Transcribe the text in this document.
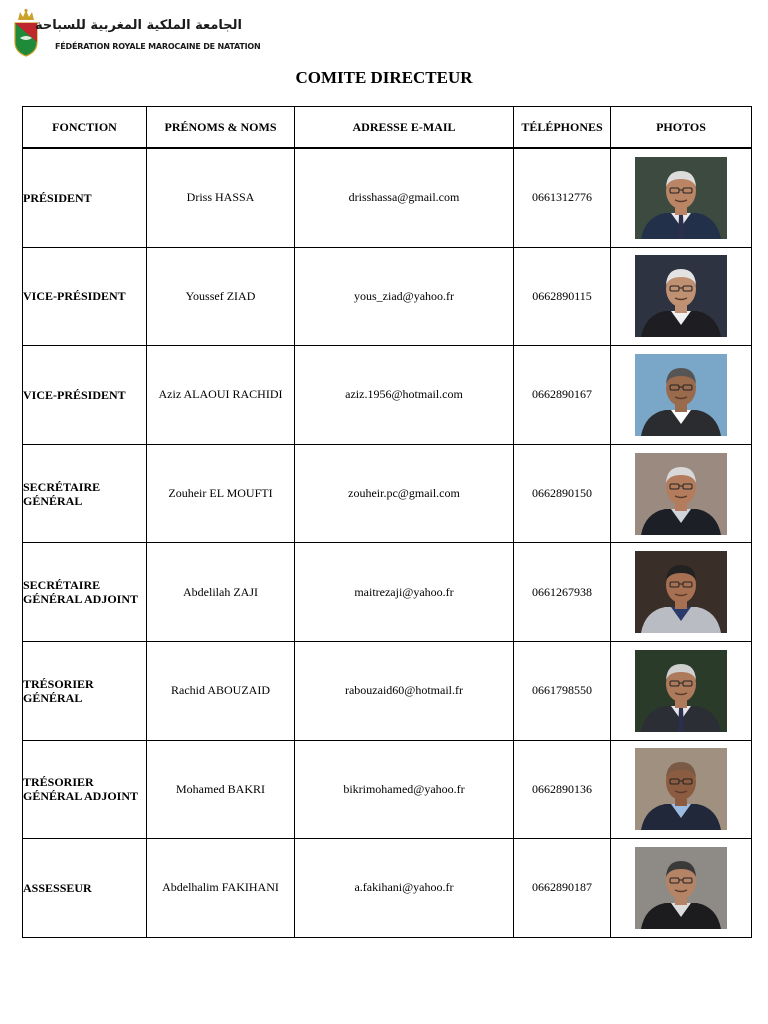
الجامعة الملكية المغربية للسباحة
FÉDÉRATION ROYALE MAROCAINE DE NATATION
COMITE DIRECTEUR
FONCTION	PRÉNOMS & NOMS	ADRESSE E-MAIL	TÉLÉPHONES	PHOTOS
PRÉSIDENT	Driss HASSA	drisshassa@gmail.com	0661312776	

VICE-PRÉSIDENT	Youssef ZIAD	yous_ziad@yahoo.fr	0662890115	

VICE-PRÉSIDENT	Aziz ALAOUI RACHIDI	aziz.1956@hotmail.com	0662890167	

SECRÉTAIRE GÉNÉRAL	Zouheir EL MOUFTI	zouheir.pc@gmail.com	0662890150	

SECRÉTAIRE GÉNÉRAL ADJOINT	Abdelilah ZAJI	maitrezaji@yahoo.fr	0661267938	

TRÉSORIER GÉNÉRAL	Rachid ABOUZAID	rabouzaid60@hotmail.fr	0661798550	

TRÉSORIER GÉNÉRAL ADJOINT	Mohamed BAKRI	bikrimohamed@yahoo.fr	0662890136	

ASSESSEUR	Abdelhalim FAKIHANI	a.fakihani@yahoo.fr	0662890187	
